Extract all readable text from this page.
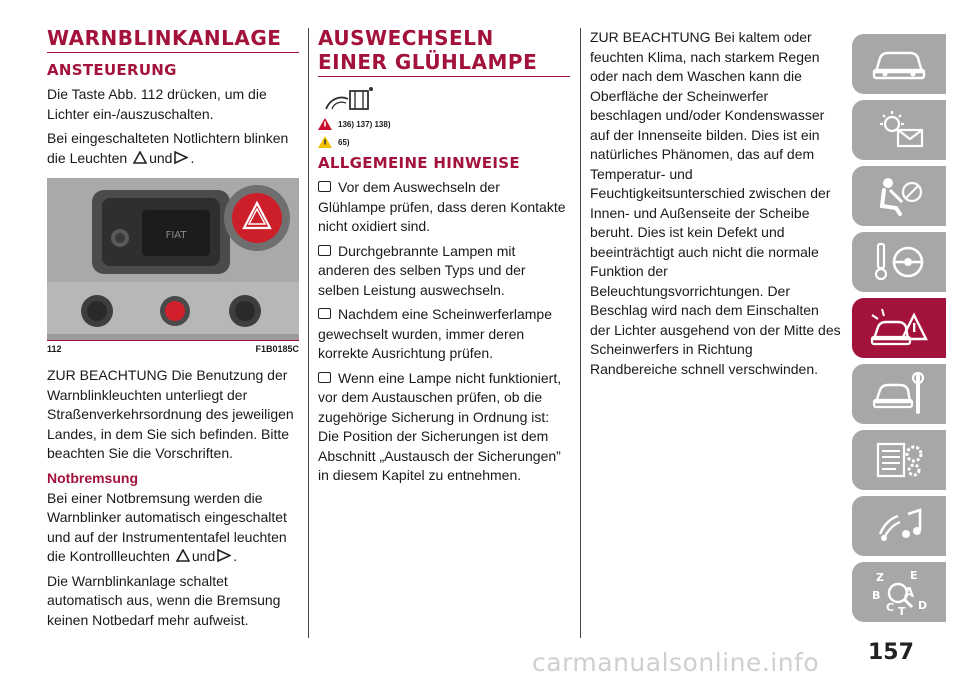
WARNBLINKANLAGE
ANSTEUERUNG

Die Taste Abb. 112 drücken, um die Lichter ein-/auszuschalten.

Bei eingeschalteten Notlichtern blinken die Leuchten und .

FIAT
112	F1B0185C

ZUR BEACHTUNG Die Benutzung der Warnblinkleuchten unterliegt der Straßenverkehrsordnung des jeweiligen Landes, in dem Sie sich befinden. Bitte beachten Sie die Vorschriften.

Notbremsung

Bei einer Notbremsung werden die Warnblinker automatisch eingeschaltet und auf der Instrumententafel leuchten die Kontrollleuchten und .

Die Warnblinkanlage schaltet automatisch aus, wenn die Bremsung keinen Notbedarf mehr aufweist.

AUSWECHSELN
EINER GLÜHLAMPE
136) 137) 138)
65)
ALLGEMEINE HINWEISE

Vor dem Auswechseln der Glühlampe prüfen, dass deren Kontakte nicht oxidiert sind.

Durchgebrannte Lampen mit anderen des selben Typs und der selben Leistung auswechseln.

Nachdem eine Scheinwerferlampe gewechselt wurden, immer deren korrekte Ausrichtung prüfen.

Wenn eine Lampe nicht funktioniert, vor dem Austauschen prüfen, ob die zugehörige Sicherung in Ordnung ist: Die Position der Sicherungen ist dem Abschnitt „Austausch der Sicherungen” in diesem Kapitel zu entnehmen.

ZUR BEACHTUNG Bei kaltem oder feuchten Klima, nach starkem Regen oder nach dem Waschen kann die Oberfläche der Scheinwerfer beschlagen und/oder Kondenswasser auf der Innenseite bilden. Dies ist ein natürliches Phänomen, das auf dem Temperatur- und Feuchtigkeitsunterschied zwischen der Innen- und Außenseite der Scheibe beruht. Dies ist kein Defekt und beeinträchtigt auch nicht die normale Funktion der Beleuchtungsvorrichtungen. Der Beschlag wird nach dem Einschalten der Lichter ausgehend von der Mitte des Scheinwerfers in Richtung Randbereiche schnell verschwinden.

Z E
B A
C T D
carmanualsonline.info 157
